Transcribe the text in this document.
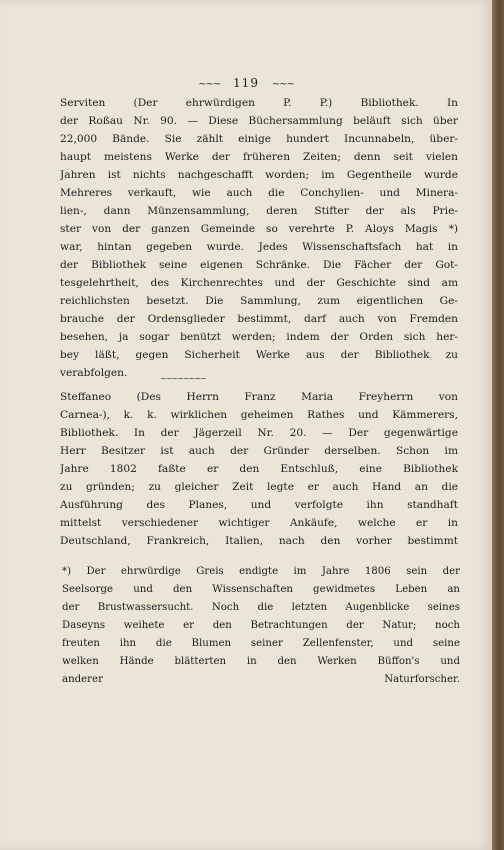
~~~ 119 ~~~
Serviten (Der ehrwürdigen P. P.) Bibliothek. In
der Roßau Nr. 90. — Diese Büchersammlung beläuft sich über
22,000 Bände. Sie zählt einige hundert Incunnabeln, über-
haupt meistens Werke der früheren Zeiten; denn seit vielen
Jahren ist nichts nachgeschafft worden; im Gegentheile wurde
Mehreres verkauft, wie auch die Conchylien- und Minera-
lien-, dann Münzensammlung, deren Stifter der als Prie-
ster von der ganzen Gemeinde so verehrte P. Aloys Magis *)
war, hintan gegeben wurde. Jedes Wissenschaftsfach hat in
der Bibliothek seine eigenen Schränke. Die Fächer der Got-
tesgelehrtheit, des Kirchenrechtes und der Geschichte sind am
reichlichsten besetzt. Die Sammlung, zum eigentlichen Ge-
brauche der Ordensglieder bestimmt, darf auch von Fremden
besehen, ja sogar benützt werden; indem der Orden sich her-
bey läßt, gegen Sicherheit Werke aus der Bibliothek zu
verabfolgen.	~~~~~~~~
Steffaneo (Des Herrn Franz Maria Freyherrn von
Carnea-), k. k. wirklichen geheimen Rathes und Kämmerers,
Bibliothek. In der Jägerzeil Nr. 20. — Der gegenwärtige
Herr Besitzer ist auch der Gründer derselben. Schon im
Jahre 1802 faßte er den Entschluß, eine Bibliothek
zu gründen; zu gleicher Zeit legte er auch Hand an die
Ausführung des Planes, und verfolgte ihn standhaft
mittelst verschiedener wichtiger Ankäufe, welche er in
Deutschland, Frankreich, Italien, nach den vorher bestimmt
*) Der ehrwürdige Greis endigte im Jahre 1806 sein der
Seelsorge und den Wissenschaften gewidmetes Leben an
der Brustwassersucht. Noch die letzten Augenblicke seines
Daseyns weihete er den Betrachtungen der Natur; noch
freuten ihn die Blumen seiner Zellenfenster, und seine
welken Hände blätterten in den Werken Büffon's und
anderer Naturforscher.
